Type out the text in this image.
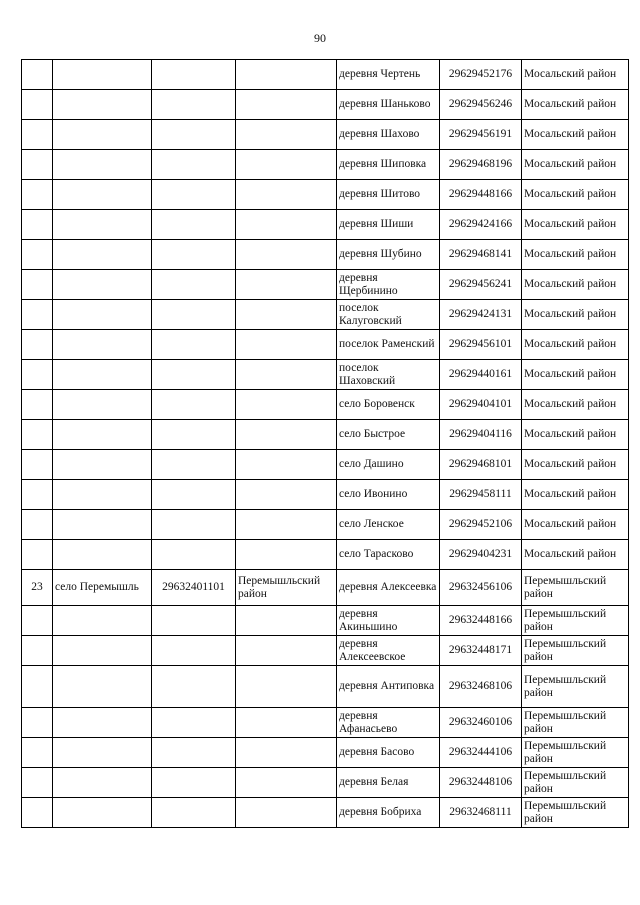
90
				деревня Чертень	29629452176	Мосальский район
				деревня Шаньково	29629456246	Мосальский район
				деревня Шахово	29629456191	Мосальский район
				деревня Шиповка	29629468196	Мосальский район
				деревня Шитово	29629448166	Мосальский район
				деревня Шиши	29629424166	Мосальский район
				деревня Шубино	29629468141	Мосальский район
				деревня Щербинино	29629456241	Мосальский район
				поселок Калуговский	29629424131	Мосальский район
				поселок Раменский	29629456101	Мосальский район
				поселок Шаховский	29629440161	Мосальский район
				село Боровенск	29629404101	Мосальский район
				село Быстрое	29629404116	Мосальский район
				село Дашино	29629468101	Мосальский район
				село Ивонино	29629458111	Мосальский район
				село Ленское	29629452106	Мосальский район
				село Тарасково	29629404231	Мосальский район
23	село Перемышль	29632401101	Перемышльский район	деревня Алексеевка	29632456106	Перемышльский район
				деревня Акиньшино	29632448166	Перемышльский район
				деревня Алексеевское	29632448171	Перемышльский район
				деревня Антиповка	29632468106	Перемышльский район
				деревня Афанасьево	29632460106	Перемышльский район
				деревня Басово	29632444106	Перемышльский район
				деревня Белая	29632448106	Перемышльский район
				деревня Бобриха	29632468111	Перемышльский район
